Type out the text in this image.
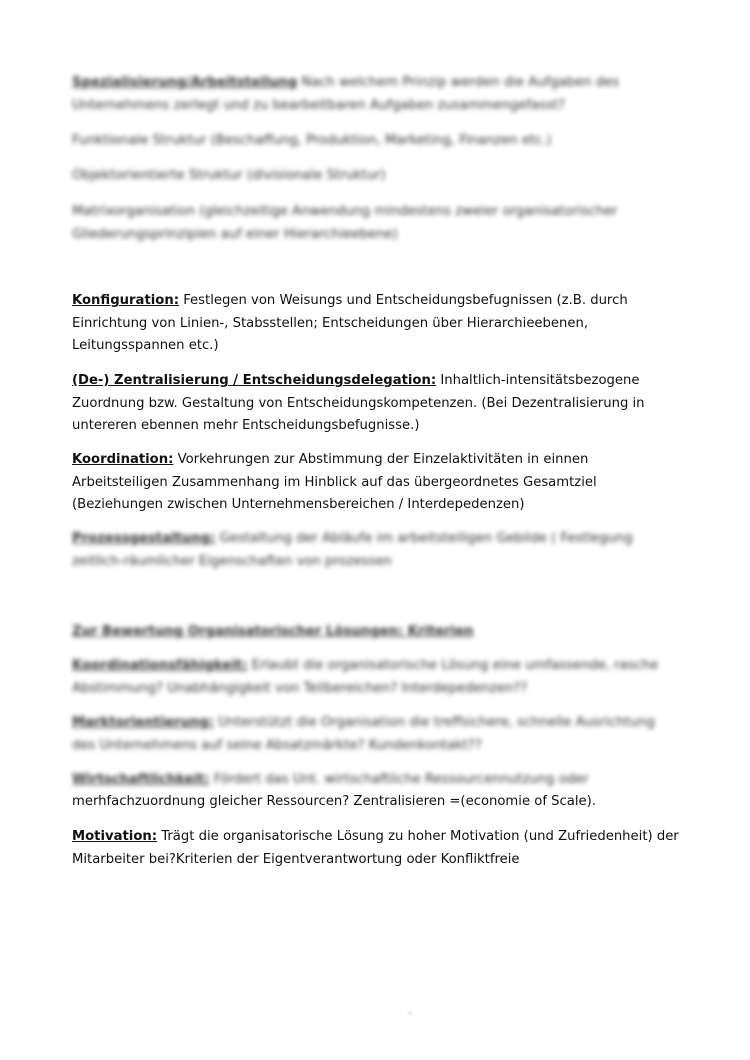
Spezialisierung/Arbeitsteilung Nach welchem Prinzip werden die Aufgaben des Unternehmens zerlegt und zu bearbeitbaren Aufgaben zusammengefasst?

Funktionale Struktur (Beschaffung, Produktion, Marketing, Finanzen etc.)

Objektorientierte Struktur (divisionale Struktur)

Matrixorganisation (gleichzeitige Anwendung mindestens zweier organisatorischer Gliederungsprinzipien auf einer Hierarchieebene)

Konfiguration: Festlegen von Weisungs und Entscheidungsbefugnissen (z.B. durch Einrichtung von Linien-, Stabsstellen; Entscheidungen über Hierarchieebenen, Leitungsspannen etc.)

(De-) Zentralisierung / Entscheidungsdelegation: Inhaltlich-intensitätsbezogene Zuordnung bzw. Gestaltung von Entscheidungskompetenzen. (Bei Dezentralisierung in untereren ebennen mehr Entscheidungsbefugnisse.)

Koordination: Vorkehrungen zur Abstimmung der Einzelaktivitäten in einnen Arbeitsteiligen Zusammenhang im Hinblick auf das übergeordnetes Gesamtziel (Beziehungen zwischen Unternehmensbereichen / Interdepedenzen)

Prozessgestaltung: Gestaltung der Abläufe im arbeitsteiligen Gebilde ( Festlegung zeitlich-räumlicher Eigenschaften von prozessen

Zur Bewertung Organisatorischer Lösungen: Kriterien

Koordinationsfähigkeit: Erlaubt die organisatorische Lösung eine umfassende, rasche Abstimmung? Unabhängigkeit von Teilbereichen? Interdepedenzen??

Marktorientierung: Unterstützt die Organisation die treffsichere, schnelle Ausrichtung des Unternehmens auf seine Absatzmärkte? Kundenkontakt??

Wirtschaftlichkeit: Fördert das Unt. wirtschaftliche Ressourcennutzung oder

merhfachzuordnung gleicher Ressourcen? Zentralisieren =(economie of Scale).

Motivation: Trägt die organisatorische Lösung zu hoher Motivation (und Zufriedenheit) der Mitarbeiter bei?Kriterien der Eigentverantwortung oder Konfliktfreie
